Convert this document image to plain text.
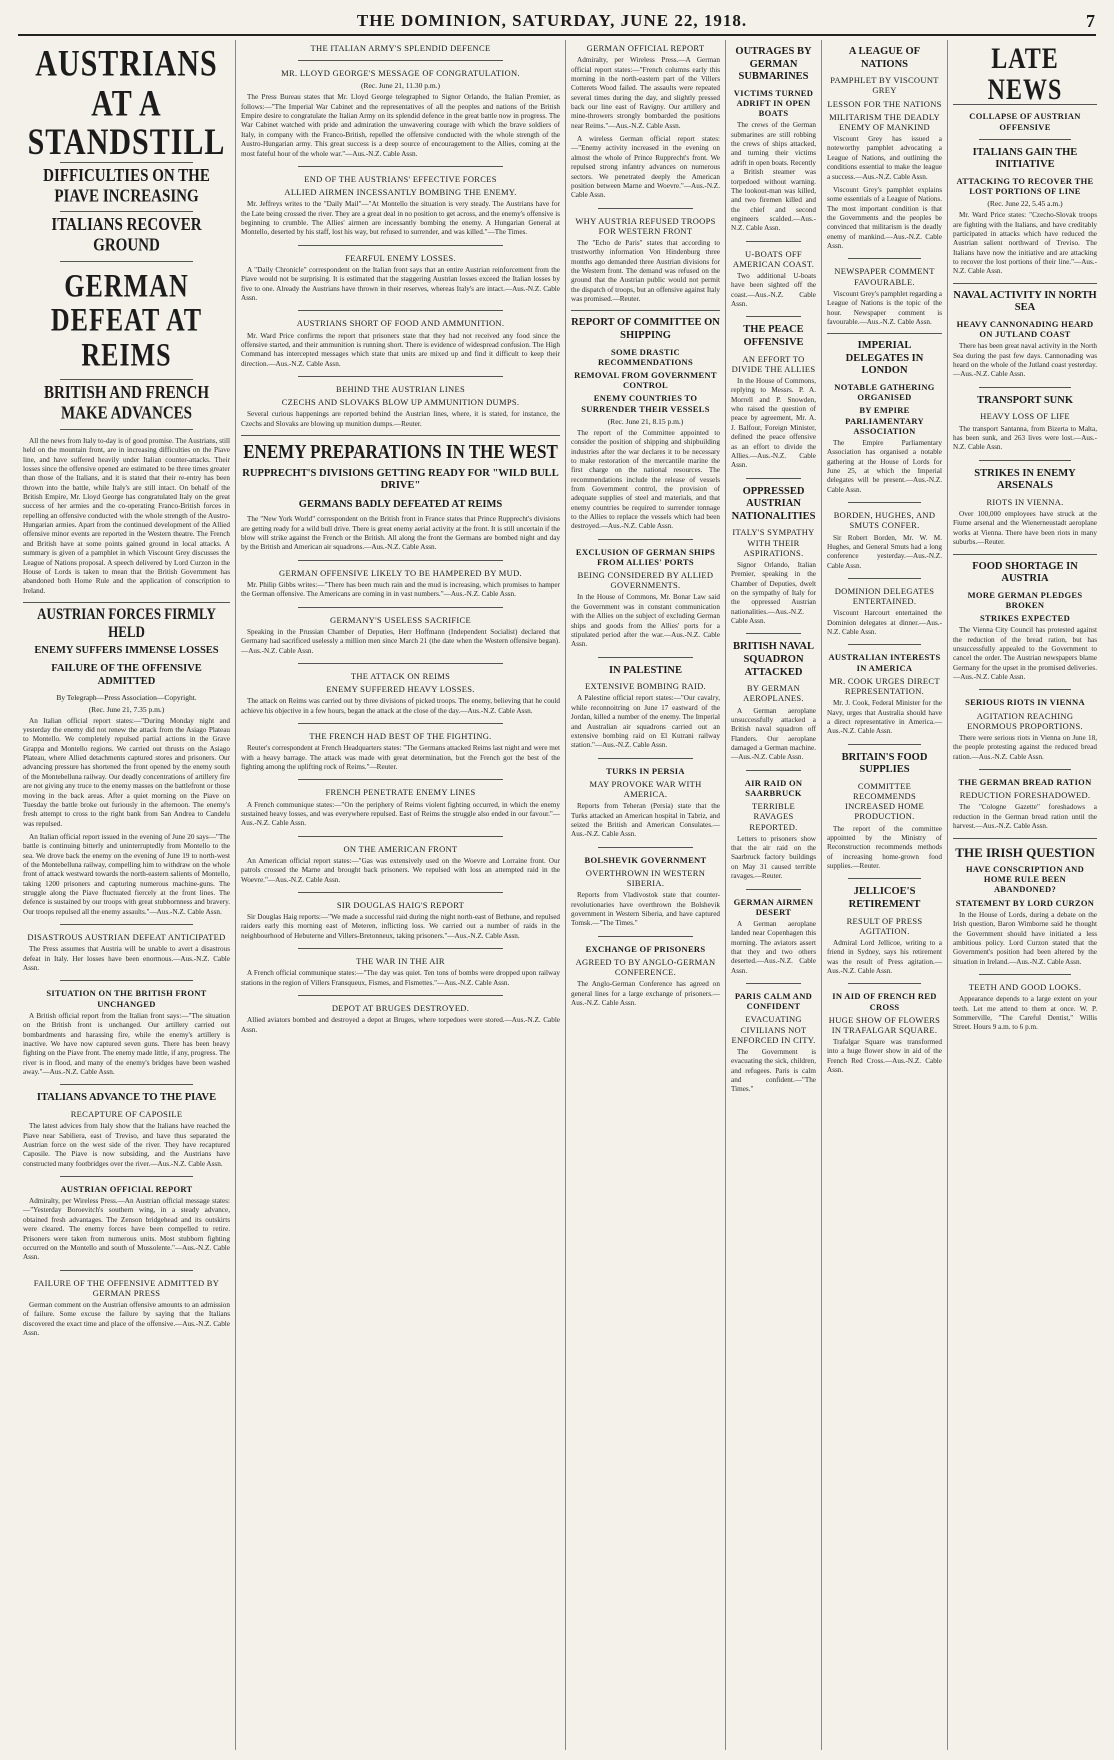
THE DOMINION, SATURDAY, JUNE 22, 1918.	7
AUSTRIANS AT A STANDSTILL
DIFFICULTIES ON THE PIAVE INCREASING
ITALIANS RECOVER GROUND
GERMAN DEFEAT AT REIMS
BRITISH AND FRENCH MAKE ADVANCES

All the news from Italy to-day is of good promise. The Austrians, still held on the mountain front, are in increasing difficulties on the Piave line, and have suffered heavily under Italian counter-attacks. Their losses since the offensive opened are estimated to be three times greater than those of the Italians, and it is stated that their re-entry has been thrown into the battle, while Italy's are still intact. On behalf of the British Empire, Mr. Lloyd George has congratulated Italy on the great success of her armies and the co-operating Franco-British forces in repelling an offensive conducted with the whole strength of the Austro-Hungarian armies. Apart from the continued development of the Allied offensive minor events are reported in the Western theatre. The French and British have at some points gained ground in local attacks. A summary is given of a pamphlet in which Viscount Grey discusses the League of Nations proposal. A speech delivered by Lord Curzon in the House of Lords is taken to mean that the British Government has abandoned both Home Rule and the application of conscription to Ireland.

AUSTRIAN FORCES FIRMLY HELD
ENEMY SUFFERS IMMENSE LOSSES
FAILURE OF THE OFFENSIVE ADMITTED
By Telegraph—Press Association—Copyright.
(Rec. June 21, 7.35 p.m.)

An Italian official report states:—"During Monday night and yesterday the enemy did not renew the attack from the Asiago Plateau to Montello. We completely repulsed partial actions in the Grave Grappa and Montello regions. We carried out thrusts on the Asiago Plateau, where Allied detachments captured stores and prisoners. Our advancing pressure has shortened the front opened by the enemy south of the Montebelluna railway. Our deadly concentrations of artillery fire are not giving any truce to the enemy masses on the battlefront or those moving in the back areas. After a quiet morning on the Piave on Tuesday the battle broke out furiously in the afternoon. The enemy's fresh attempt to cross to the right bank from San Andrea to Candelu was repulsed.

An Italian official report issued in the evening of June 20 says—"The battle is continuing bitterly and uninterruptedly from Montello to the sea. We drove back the enemy on the evening of June 19 to north-west of the Montebelluna railway, compelling him to withdraw on the whole front of attack westward towards the north-eastern salients of Montello, taking 1200 prisoners and capturing numerous machine-guns. The struggle along the Piave fluctuated fiercely at the front lines. The defence is sustained by our troops with great stubbornness and bravery. Our troops repulsed all the enemy assaults."—Aus.-N.Z. Cable Assn.

DISASTROUS AUSTRIAN DEFEAT ANTICIPATED

The Press assumes that Austria will be unable to avert a disastrous defeat in Italy. Her losses have been enormous.—Aus.-N.Z. Cable Assn.

SITUATION ON THE BRITISH FRONT UNCHANGED

A British official report from the Italian front says:—"The situation on the British front is unchanged. Our artillery carried out bombardments and harassing fire, while the enemy's artillery is inactive. We have now captured seven guns. There has been heavy fighting on the Piave front. The enemy made little, if any, progress. The river is in flood, and many of the enemy's bridges have been washed away."—Aus.-N.Z. Cable Assn.

ITALIANS ADVANCE TO THE PIAVE
RECAPTURE OF CAPOSILE

The latest advices from Italy show that the Italians have reached the Piave near Sabiliera, east of Treviso, and have thus separated the Austrian force on the west side of the river. They have recaptured Caposile. The Piave is now subsiding, and the Austrians have constructed many footbridges over the river.—Aus.-N.Z. Cable Assn.

AUSTRIAN OFFICIAL REPORT

Admiralty, per Wireless Press.—An Austrian official message states:—"Yesterday Boroevitch's southern wing, in a steady advance, obtained fresh advantages. The Zenson bridgehead and its outskirts were cleared. The enemy forces have been compelled to retire. Prisoners were taken from numerous units. Most stubborn fighting occurred on the Montello and south of Mussolente."—Aus.-N.Z. Cable Assn.

FAILURE OF THE OFFENSIVE ADMITTED BY GERMAN PRESS

German comment on the Austrian offensive amounts to an admission of failure. Some excuse the failure by saying that the Italians discovered the exact time and place of the offensive.—Aus.-N.Z. Cable Assn.

THE ITALIAN ARMY'S SPLENDID DEFENCE
MR. LLOYD GEORGE'S MESSAGE OF CONGRATULATION.
(Rec. June 21, 11.30 p.m.)

The Press Bureau states that Mr. Lloyd George telegraphed to Signor Orlando, the Italian Premier, as follows:—"The Imperial War Cabinet and the representatives of all the peoples and nations of the British Empire desire to congratulate the Italian Army on its splendid defence in the great battle now in progress. The War Cabinet watched with pride and admiration the unwavering courage with which the brave soldiers of Italy, in company with the Franco-British, repelled the offensive conducted with the whole strength of the Austro-Hungarian army. This great success is a deep source of encouragement to the Allies, coming at the most fateful hour of the whole war."—Aus.-N.Z. Cable Assn.

END OF THE AUSTRIANS' EFFECTIVE FORCES
ALLIED AIRMEN INCESSANTLY BOMBING THE ENEMY.

Mr. Jeffreys writes to the "Daily Mail"—"At Montello the situation is very steady. The Austrians have for the Late being crossed the river. They are a great deal in no position to get across, and the enemy's offensive is beginning to crumble. The Allies' airmen are incessantly bombing the enemy. A Hungarian General at Montello, deserted by his staff, lost his way, but refused to surrender, and was killed."—The Times.

FEARFUL ENEMY LOSSES.

A "Daily Chronicle" correspondent on the Italian front says that an entire Austrian reinforcement from the Piave would not be surprising. It is estimated that the staggering Austrian losses exceed the Italian losses by five to one. Already the Austrians have thrown in their reserves, whereas Italy's are intact.—Aus.-N.Z. Cable Assn.

AUSTRIANS SHORT OF FOOD AND AMMUNITION.

Mr. Ward Price confirms the report that prisoners state that they had not received any food since the offensive started, and their ammunition is running short. There is evidence of widespread confusion. The High Command has intercepted messages which state that units are mixed up and find it difficult to keep their direction.—Aus.-N.Z. Cable Assn.

BEHIND THE AUSTRIAN LINES
CZECHS AND SLOVAKS BLOW UP AMMUNITION DUMPS.

Several curious happenings are reported behind the Austrian lines, where, it is stated, for instance, the Czechs and Slovaks are blowing up munition dumps.—Reuter.

ENEMY PREPARATIONS IN THE WEST
RUPPRECHT'S DIVISIONS GETTING READY FOR "WILD BULL DRIVE"
GERMANS BADLY DEFEATED AT REIMS

The "New York World" correspondent on the British front in France states that Prince Rupprecht's divisions are getting ready for a wild bull drive. There is great enemy aerial activity at the front. It is still uncertain if the blow will strike against the French or the British. All along the front the Germans are bombed night and day by the British and American air squadrons.—Aus.-N.Z. Cable Assn.

GERMAN OFFENSIVE LIKELY TO BE HAMPERED BY MUD.

Mr. Philip Gibbs writes:—"There has been much rain and the mud is increasing, which promises to hamper the German offensive. The Americans are coming in in vast numbers."—Aus.-N.Z. Cable Assn.

GERMANY'S USELESS SACRIFICE

Speaking in the Prussian Chamber of Deputies, Herr Hoffmann (Independent Socialist) declared that Germany had sacrificed uselessly a million men since March 21 (the date when the Western offensive began).—Aus.-N.Z. Cable Assn.

THE ATTACK ON REIMS
ENEMY SUFFERED HEAVY LOSSES.

The attack on Reims was carried out by three divisions of picked troops. The enemy, believing that he could achieve his objective in a few hours, began the attack at the close of the day.—Aus.-N.Z. Cable Assn.

THE FRENCH HAD BEST OF THE FIGHTING.

Reuter's correspondent at French Headquarters states: "The Germans attacked Reims last night and were met with a heavy barrage. The attack was made with great determination, but the French got the best of the fighting among the uplifting rock of Reims."—Reuter.

FRENCH PENETRATE ENEMY LINES

A French communique states:—"On the periphery of Reims violent fighting occurred, in which the enemy sustained heavy losses, and was everywhere repulsed. East of Reims the struggle also ended in our favour."—Aus.-N.Z. Cable Assn.

ON THE AMERICAN FRONT

An American official report states:—"Gas was extensively used on the Woevre and Lorraine front. Our patrols crossed the Marne and brought back prisoners. We repulsed with loss an attempted raid in the Woevre."—Aus.-N.Z. Cable Assn.

SIR DOUGLAS HAIG'S REPORT

Sir Douglas Haig reports:—"We made a successful raid during the night north-east of Bethune, and repulsed raiders early this morning east of Meteren, inflicting loss. We carried out a number of raids in the neighbourhood of Hebuterne and Villers-Bretonneux, taking prisoners."—Aus.-N.Z. Cable Assn.

THE WAR IN THE AIR

A French official communique states:—"The day was quiet. Ten tons of bombs were dropped upon railway stations in the region of Villers Fransqueux, Fismes, and Fismettes."—Aus.-N.Z. Cable Assn.

DEPOT AT BRUGES DESTROYED.

Allied aviators bombed and destroyed a depot at Bruges, where torpedoes were stored.—Aus.-N.Z. Cable Assn.

GERMAN OFFICIAL REPORT

Admiralty, per Wireless Press.—A German official report states:—"French columns early this morning in the north-eastern part of the Villers Cotterets Wood failed. The assaults were repeated several times during the day, and slightly pressed back our line east of Ravigny. Our artillery and mine-throwers strongly bombarded the positions near Reims."—Aus.-N.Z. Cable Assn.

A wireless German official report states:—"Enemy activity increased in the evening on almost the whole of Prince Rupprecht's front. We repulsed strong infantry advances on numerous sectors. We penetrated deeply the American position between Marne and Woevre."—Aus.-N.Z. Cable Assn.

WHY AUSTRIA REFUSED TROOPS FOR WESTERN FRONT

The "Echo de Paris" states that according to trustworthy information Von Hindenburg three months ago demanded three Austrian divisions for the Western front. The demand was refused on the ground that the Austrian public would not permit the dispatch of troops, but an offensive against Italy was promised.—Reuter.

REPORT OF COMMITTEE ON SHIPPING
SOME DRASTIC RECOMMENDATIONS
REMOVAL FROM GOVERNMENT CONTROL
ENEMY COUNTRIES TO SURRENDER THEIR VESSELS
(Rec. June 21, 8.15 p.m.)

The report of the Committee appointed to consider the position of shipping and shipbuilding industries after the war declares it to be necessary to make restoration of the mercantile marine the first charge on the national resources. The recommendations include the release of vessels from Government control, the provision of adequate supplies of steel and materials, and that enemy countries be required to surrender tonnage to the Allies to replace the vessels which had been destroyed.—Aus.-N.Z. Cable Assn.

EXCLUSION OF GERMAN SHIPS FROM ALLIES' PORTS
BEING CONSIDERED BY ALLIED GOVERNMENTS.

In the House of Commons, Mr. Bonar Law said the Government was in constant communication with the Allies on the subject of excluding German ships and goods from the Allies' ports for a stipulated period after the war.—Aus.-N.Z. Cable Assn.

IN PALESTINE
EXTENSIVE BOMBING RAID.

A Palestine official report states:—"Our cavalry, while reconnoitring on June 17 eastward of the Jordan, killed a number of the enemy. The Imperial and Australian air squadrons carried out an extensive bombing raid on El Kutrani railway station."—Aus.-N.Z. Cable Assn.

TURKS IN PERSIA
MAY PROVOKE WAR WITH AMERICA.

Reports from Teheran (Persia) state that the Turks attacked an American hospital in Tabriz, and seized the British and American Consulates.—Aus.-N.Z. Cable Assn.

BOLSHEVIK GOVERNMENT
OVERTHROWN IN WESTERN SIBERIA.

Reports from Vladivostok state that counter-revolutionaries have overthrown the Bolshevik government in Western Siberia, and have captured Tomsk.—"The Times."

EXCHANGE OF PRISONERS
AGREED TO BY ANGLO-GERMAN CONFERENCE.

The Anglo-German Conference has agreed on general lines for a large exchange of prisoners.—Aus.-N.Z. Cable Assn.

OUTRAGES BY GERMAN SUBMARINES
VICTIMS TURNED ADRIFT IN OPEN BOATS

The crews of the German submarines are still robbing the crews of ships attacked, and turning their victims adrift in open boats. Recently a British steamer was torpedoed without warning. The lookout-man was killed, and two firemen killed and the chief and second engineers scalded.—Aus.-N.Z. Cable Assn.

U-BOATS OFF AMERICAN COAST.

Two additional U-boats have been sighted off the coast.—Aus.-N.Z. Cable Assn.

THE PEACE OFFENSIVE
AN EFFORT TO DIVIDE THE ALLIES

In the House of Commons, replying to Messrs. P. A. Morrell and P. Snowden, who raised the question of peace by agreement, Mr. A. J. Balfour, Foreign Minister, defined the peace offensive as an effort to divide the Allies.—Aus.-N.Z. Cable Assn.

OPPRESSED AUSTRIAN NATIONALITIES
ITALY'S SYMPATHY WITH THEIR ASPIRATIONS.

Signor Orlando, Italian Premier, speaking in the Chamber of Deputies, dwelt on the sympathy of Italy for the oppressed Austrian nationalities.—Aus.-N.Z. Cable Assn.

BRITISH NAVAL SQUADRON ATTACKED
BY GERMAN AEROPLANES.

A German aeroplane unsuccessfully attacked a British naval squadron off Flanders. Our aeroplane damaged a German machine.—Aus.-N.Z. Cable Assn.

AIR RAID ON SAARBRUCK
TERRIBLE RAVAGES REPORTED.

Letters to prisoners show that the air raid on the Saarbruck factory buildings on May 31 caused terrible ravages.—Reuter.

GERMAN AIRMEN DESERT

A German aeroplane landed near Copenhagen this morning. The aviators assert that they and two others deserted.—Aus.-N.Z. Cable Assn.

PARIS CALM AND CONFIDENT
EVACUATING CIVILIANS NOT ENFORCED IN CITY.

The Government is evacuating the sick, children, and refugees. Paris is calm and confident.—"The Times."

A LEAGUE OF NATIONS
PAMPHLET BY VISCOUNT GREY
LESSON FOR THE NATIONS
MILITARISM THE DEADLY ENEMY OF MANKIND

Viscount Grey has issued a noteworthy pamphlet advocating a League of Nations, and outlining the conditions essential to make the league a success.—Aus.-N.Z. Cable Assn.

Viscount Grey's pamphlet explains some essentials of a League of Nations. The most important condition is that the Governments and the peoples be convinced that militarism is the deadly enemy of mankind.—Aus.-N.Z. Cable Assn.

NEWSPAPER COMMENT FAVOURABLE.

Viscount Grey's pamphlet regarding a League of Nations is the topic of the hour. Newspaper comment is favourable.—Aus.-N.Z. Cable Assn.

IMPERIAL DELEGATES IN LONDON
NOTABLE GATHERING ORGANISED
BY EMPIRE PARLIAMENTARY ASSOCIATION

The Empire Parliamentary Association has organised a notable gathering at the House of Lords for June 25, at which the Imperial delegates will be present.—Aus.-N.Z. Cable Assn.

BORDEN, HUGHES, AND SMUTS CONFER.

Sir Robert Borden, Mr. W. M. Hughes, and General Smuts had a long conference yesterday.—Aus.-N.Z. Cable Assn.

DOMINION DELEGATES ENTERTAINED.

Viscount Harcourt entertained the Dominion delegates at dinner.—Aus.-N.Z. Cable Assn.

AUSTRALIAN INTERESTS IN AMERICA
MR. COOK URGES DIRECT REPRESENTATION.

Mr. J. Cook, Federal Minister for the Navy, urges that Australia should have a direct representative in America.—Aus.-N.Z. Cable Assn.

BRITAIN'S FOOD SUPPLIES
COMMITTEE RECOMMENDS INCREASED HOME PRODUCTION.

The report of the committee appointed by the Ministry of Reconstruction recommends methods of increasing home-grown food supplies.—Reuter.

JELLICOE'S RETIREMENT
RESULT OF PRESS AGITATION.

Admiral Lord Jellicoe, writing to a friend in Sydney, says his retirement was the result of Press agitation.—Aus.-N.Z. Cable Assn.

IN AID OF FRENCH RED CROSS
HUGE SHOW OF FLOWERS IN TRAFALGAR SQUARE.

Trafalgar Square was transformed into a huge flower show in aid of the French Red Cross.—Aus.-N.Z. Cable Assn.

LATE NEWS
COLLAPSE OF AUSTRIAN OFFENSIVE
ITALIANS GAIN THE INITIATIVE
ATTACKING TO RECOVER THE LOST PORTIONS OF LINE
(Rec. June 22, 5.45 a.m.)

Mr. Ward Price states: "Czecho-Slovak troops are fighting with the Italians, and have creditably participated in attacks which have reduced the Austrian salient northward of Treviso. The Italians have now the initiative and are attacking to recover the lost portions of their line."—Aus.-N.Z. Cable Assn.

NAVAL ACTIVITY IN NORTH SEA
HEAVY CANNONADING HEARD ON JUTLAND COAST

There has been great naval activity in the North Sea during the past few days. Cannonading was heard on the whole of the Jutland coast yesterday.—Aus.-N.Z. Cable Assn.

TRANSPORT SUNK
HEAVY LOSS OF LIFE

The transport Santanna, from Bizerta to Malta, has been sunk, and 263 lives were lost.—Aus.-N.Z. Cable Assn.

STRIKES IN ENEMY ARSENALS
RIOTS IN VIENNA.

Over 100,000 employees have struck at the Fiume arsenal and the Wienerneustadt aeroplane works at Vienna. There have been riots in many suburbs.—Reuter.

FOOD SHORTAGE IN AUSTRIA
MORE GERMAN PLEDGES BROKEN
STRIKES EXPECTED

The Vienna City Council has protested against the reduction of the bread ration, but has unsuccessfully appealed to the Government to cancel the order. The Austrian newspapers blame Germany for the upset in the promised deliveries.—Aus.-N.Z. Cable Assn.

SERIOUS RIOTS IN VIENNA
AGITATION REACHING ENORMOUS PROPORTIONS.

There were serious riots in Vienna on June 18, the people protesting against the reduced bread ration.—Aus.-N.Z. Cable Assn.

THE GERMAN BREAD RATION
REDUCTION FORESHADOWED.

The "Cologne Gazette" foreshadows a reduction in the German bread ration until the harvest.—Aus.-N.Z. Cable Assn.

THE IRISH QUESTION
HAVE CONSCRIPTION AND HOME RULE BEEN ABANDONED?
STATEMENT BY LORD CURZON

In the House of Lords, during a debate on the Irish question, Baron Wimborne said he thought the Government should have initiated a less ambitious policy. Lord Curzon stated that the Government's position had been altered by the situation in Ireland.—Aus.-N.Z. Cable Assn.

TEETH AND GOOD LOOKS.

Appearance depends to a large extent on your teeth. Let me attend to them at once. W. P. Sommerville, "The Careful Dentist," Willis Street. Hours 9 a.m. to 6 p.m.
